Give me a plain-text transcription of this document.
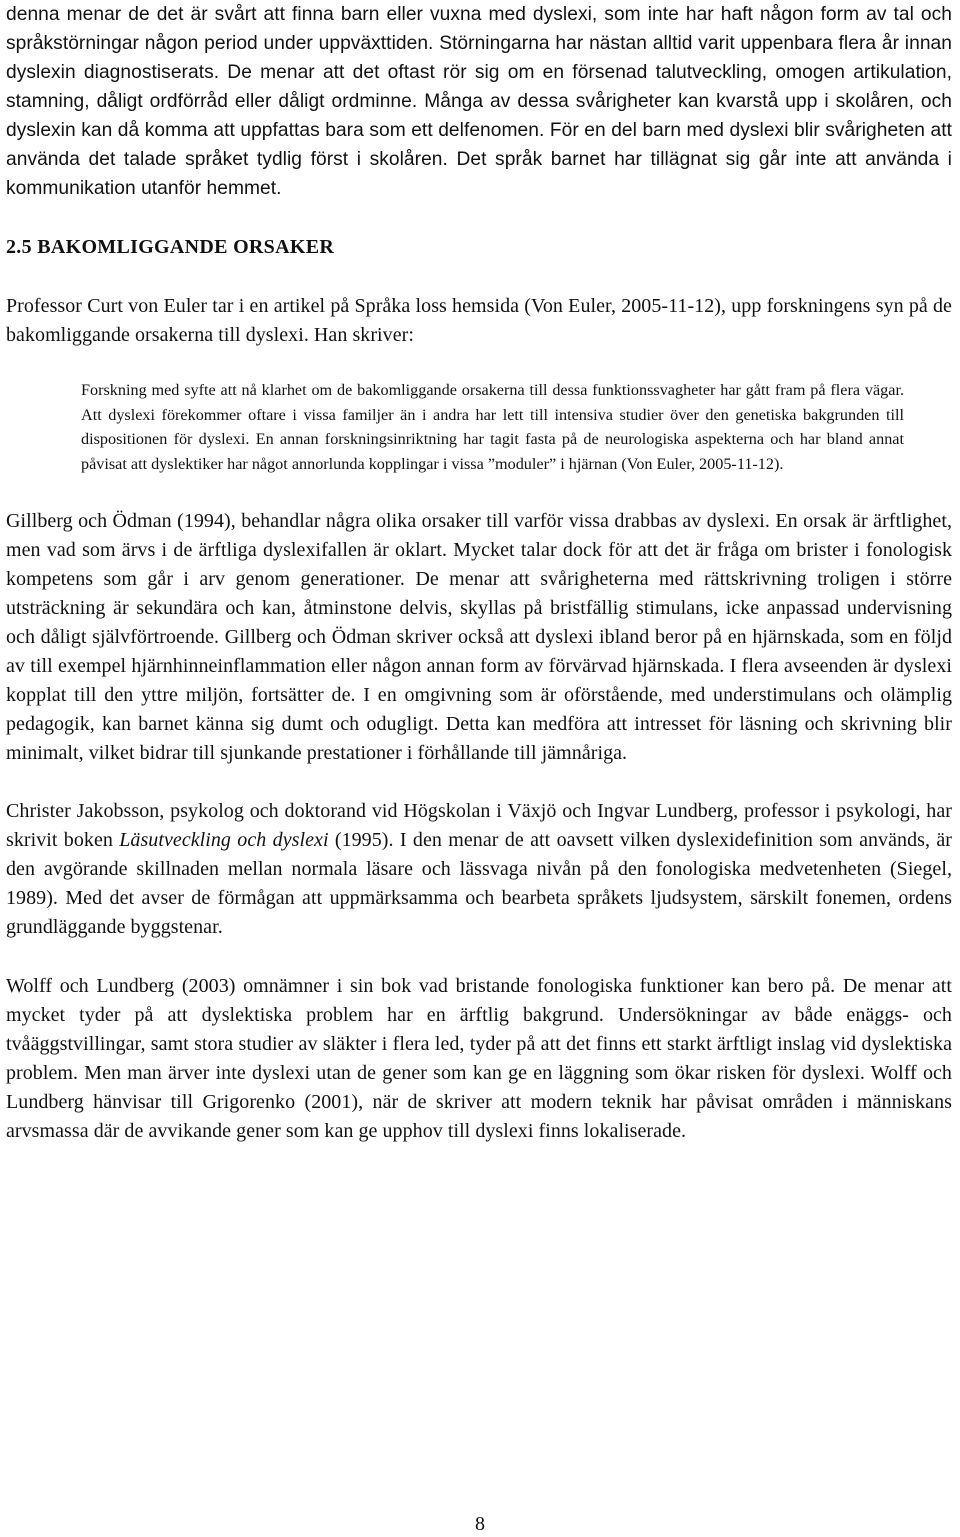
denna menar de det är svårt att finna barn eller vuxna med dyslexi, som inte har haft någon form av tal och språkstörningar någon period under uppväxttiden. Störningarna har nästan alltid varit uppenbara flera år innan dyslexin diagnostiserats. De menar att det oftast rör sig om en försenad talutveckling, omogen artikulation, stamning, dåligt ordförråd eller dåligt ordminne. Många av dessa svårigheter kan kvarstå upp i skolåren, och dyslexin kan då komma att uppfattas bara som ett delfenomen. För en del barn med dyslexi blir svårigheten att använda det talade språket tydlig först i skolåren. Det språk barnet har tillägnat sig går inte att använda i kommunikation utanför hemmet.

2.5 BAKOMLIGGANDE ORSAKER

Professor Curt von Euler tar i en artikel på Språka loss hemsida (Von Euler, 2005-11-12), upp forskningens syn på de bakomliggande orsakerna till dyslexi. Han skriver:

Forskning med syfte att nå klarhet om de bakomliggande orsakerna till dessa funktionssvagheter har gått fram på flera vägar. Att dyslexi förekommer oftare i vissa familjer än i andra har lett till intensiva studier över den genetiska bakgrunden till dispositionen för dyslexi. En annan forskningsinriktning har tagit fasta på de neurologiska aspekterna och har bland annat påvisat att dyslektiker har något annorlunda kopplingar i vissa ”moduler” i hjärnan (Von Euler, 2005-11-12).

Gillberg och Ödman (1994), behandlar några olika orsaker till varför vissa drabbas av dyslexi. En orsak är ärftlighet, men vad som ärvs i de ärftliga dyslexifallen är oklart. Mycket talar dock för att det är fråga om brister i fonologisk kompetens som går i arv genom generationer. De menar att svårigheterna med rättskrivning troligen i större utsträckning är sekundära och kan, åtminstone delvis, skyllas på bristfällig stimulans, icke anpassad undervisning och dåligt självförtroende. Gillberg och Ödman skriver också att dyslexi ibland beror på en hjärnskada, som en följd av till exempel hjärnhinneinflammation eller någon annan form av förvärvad hjärnskada. I flera avseenden är dyslexi kopplat till den yttre miljön, fortsätter de. I en omgivning som är oförstående, med understimulans och olämplig pedagogik, kan barnet känna sig dumt och odugligt. Detta kan medföra att intresset för läsning och skrivning blir minimalt, vilket bidrar till sjunkande prestationer i förhållande till jämnåriga.

Christer Jakobsson, psykolog och doktorand vid Högskolan i Växjö och Ingvar Lundberg, professor i psykologi, har skrivit boken Läsutveckling och dyslexi (1995). I den menar de att oavsett vilken dyslexidefinition som används, är den avgörande skillnaden mellan normala läsare och lässvaga nivån på den fonologiska medvetenheten (Siegel, 1989). Med det avser de förmågan att uppmärksamma och bearbeta språkets ljudsystem, särskilt fonemen, ordens grundläggande byggstenar.

Wolff och Lundberg (2003) omnämner i sin bok vad bristande fonologiska funktioner kan bero på. De menar att mycket tyder på att dyslektiska problem har en ärftlig bakgrund. Undersökningar av både enäggs- och tvåäggstvillingar, samt stora studier av släkter i flera led, tyder på att det finns ett starkt ärftligt inslag vid dyslektiska problem. Men man ärver inte dyslexi utan de gener som kan ge en läggning som ökar risken för dyslexi. Wolff och Lundberg hänvisar till Grigorenko (2001), när de skriver att modern teknik har påvisat områden i människans arvsmassa där de avvikande gener som kan ge upphov till dyslexi finns lokaliserade.

8
